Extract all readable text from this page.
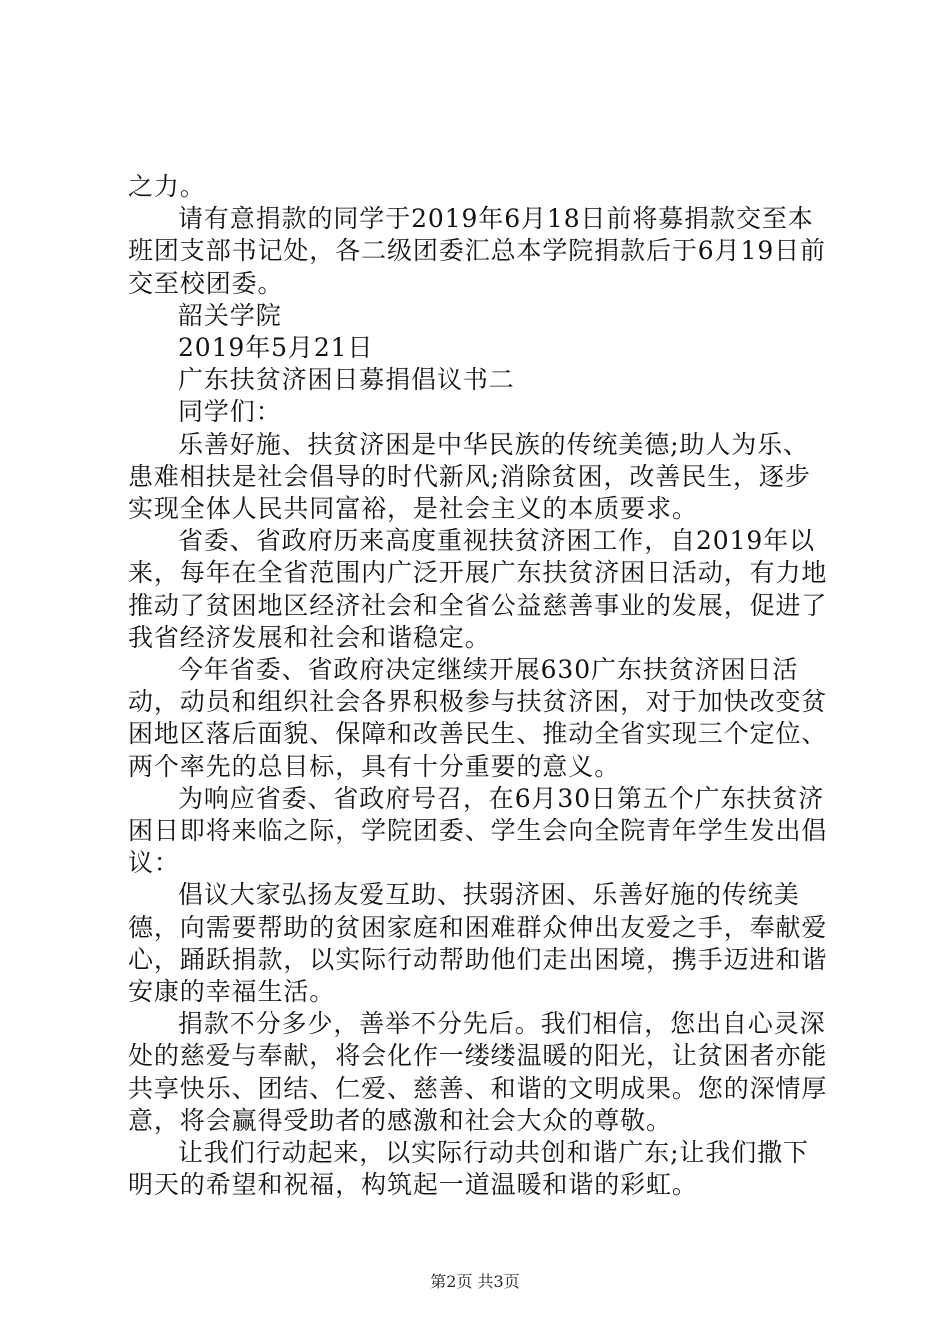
之力。

请有意捐款的同学于2019年6月18日前将募捐款交至本班团支部书记处，各二级团委汇总本学院捐款后于6月19日前交至校团委。

韶关学院

2019年5月21日

广东扶贫济困日募捐倡议书二

同学们：

乐善好施、扶贫济困是中华民族的传统美德;助人为乐、患难相扶是社会倡导的时代新风;消除贫困，改善民生，逐步实现全体人民共同富裕，是社会主义的本质要求。

省委、省政府历来高度重视扶贫济困工作，自2019年以来，每年在全省范围内广泛开展广东扶贫济困日活动，有力地推动了贫困地区经济社会和全省公益慈善事业的发展，促进了我省经济发展和社会和谐稳定。

今年省委、省政府决定继续开展630广东扶贫济困日活动，动员和组织社会各界积极参与扶贫济困，对于加快改变贫困地区落后面貌、保障和改善民生、推动全省实现三个定位、两个率先的总目标，具有十分重要的意义。

为响应省委、省政府号召，在6月30日第五个广东扶贫济困日即将来临之际，学院团委、学生会向全院青年学生发出倡议：

倡议大家弘扬友爱互助、扶弱济困、乐善好施的传统美德，向需要帮助的贫困家庭和困难群众伸出友爱之手，奉献爱心，踊跃捐款，以实际行动帮助他们走出困境，携手迈进和谐安康的幸福生活。

捐款不分多少，善举不分先后。我们相信，您出自心灵深处的慈爱与奉献，将会化作一缕缕温暖的阳光，让贫困者亦能共享快乐、团结、仁爱、慈善、和谐的文明成果。您的深情厚意，将会赢得受助者的感激和社会大众的尊敬。

让我们行动起来，以实际行动共创和谐广东;让我们撒下明天的希望和祝福，构筑起一道温暖和谐的彩虹。

第2页 共3页
